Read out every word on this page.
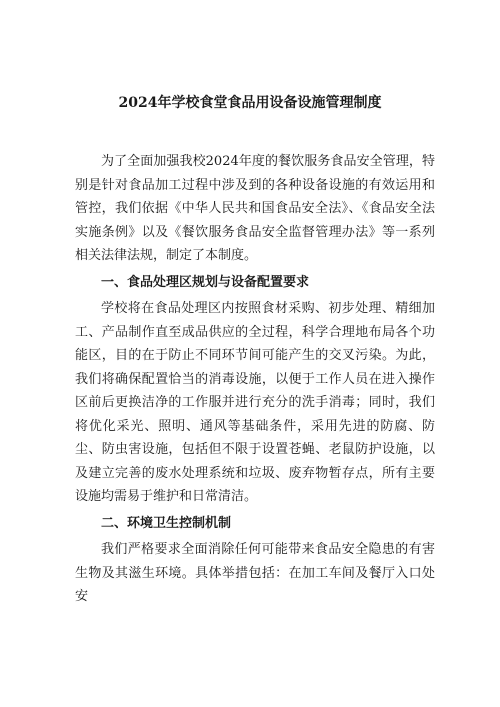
2024年学校食堂食品用设备设施管理制度

为了全面加强我校2024年度的餐饮服务食品安全管理，特别是针对食品加工过程中涉及到的各种设备设施的有效运用和管控，我们依据《中华人民共和国食品安全法》、《食品安全法实施条例》以及《餐饮服务食品安全监督管理办法》等一系列相关法律法规，制定了本制度。

一、食品处理区规划与设备配置要求

学校将在食品处理区内按照食材采购、初步处理、精细加工、产品制作直至成品供应的全过程，科学合理地布局各个功能区，目的在于防止不同环节间可能产生的交叉污染。为此，我们将确保配置恰当的消毒设施，以便于工作人员在进入操作区前后更换洁净的工作服并进行充分的洗手消毒；同时，我们将优化采光、照明、通风等基础条件，采用先进的防腐、防尘、防虫害设施，包括但不限于设置苍蝇、老鼠防护设施，以及建立完善的废水处理系统和垃圾、废弃物暂存点，所有主要设施均需易于维护和日常清洁。

二、环境卫生控制机制

我们严格要求全面消除任何可能带来食品安全隐患的有害生物及其滋生环境。具体举措包括：在加工车间及餐厅入口处安
